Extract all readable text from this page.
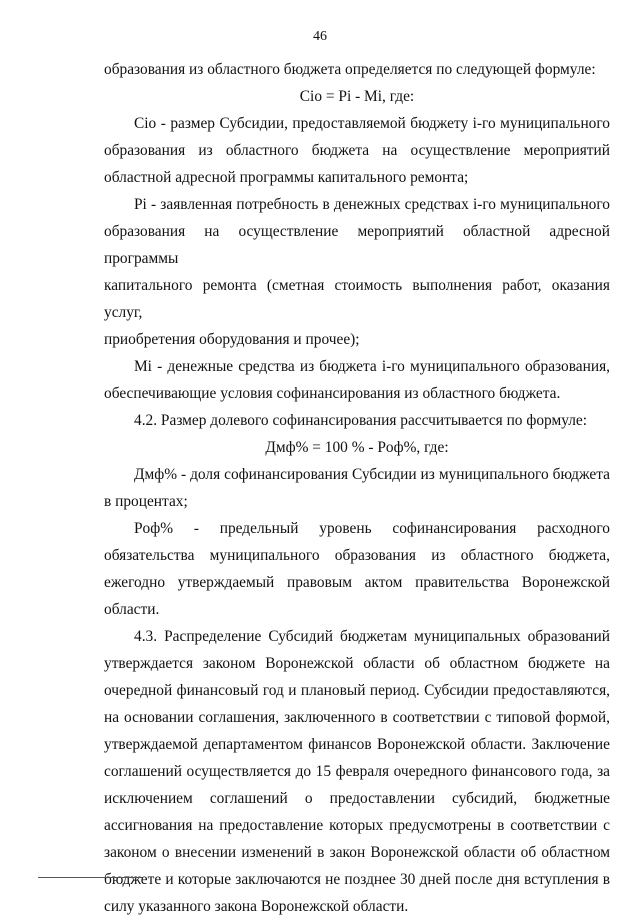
46

образования из областного бюджета определяется по следующей формуле:

Сio = Pi - Mi, где:

Сio - размер Субсидии, предоставляемой бюджету i-го муниципального

образования из областного бюджета на осуществление мероприятий

областной адресной программы капитального ремонта;

Pi - заявленная потребность в денежных средствах i-го муниципального

образования на осуществление мероприятий областной адресной программы

капитального ремонта (сметная стоимость выполнения работ, оказания услуг,

приобретения оборудования и прочее);

Mi - денежные средства из бюджета i-го муниципального образования,

обеспечивающие условия софинансирования из областного бюджета.

4.2. Размер долевого софинансирования рассчитывается по формуле:

Дмф% = 100 % - Рoф%, где:

Дмф% - доля софинансирования Субсидии из муниципального бюджета

в процентах;

Рoф% - предельный уровень софинансирования расходного

обязательства муниципального образования из областного бюджета,

ежегодно утверждаемый правовым актом правительства Воронежской

области.

4.3. Распределение Субсидий бюджетам муниципальных образований

утверждается законом Воронежской области об областном бюджете на

очередной финансовый год и плановый период. Субсидии предоставляются,

на основании соглашения, заключенного в соответствии с типовой формой,

утверждаемой департаментом финансов Воронежской области. Заключение

соглашений осуществляется до 15 февраля очередного финансового года, за

исключением соглашений о предоставлении субсидий, бюджетные

ассигнования на предоставление которых предусмотрены в соответствии с

законом о внесении изменений в закон Воронежской области об областном

бюджете и которые заключаются не позднее 30 дней после дня вступления в

силу указанного закона Воронежской области.
